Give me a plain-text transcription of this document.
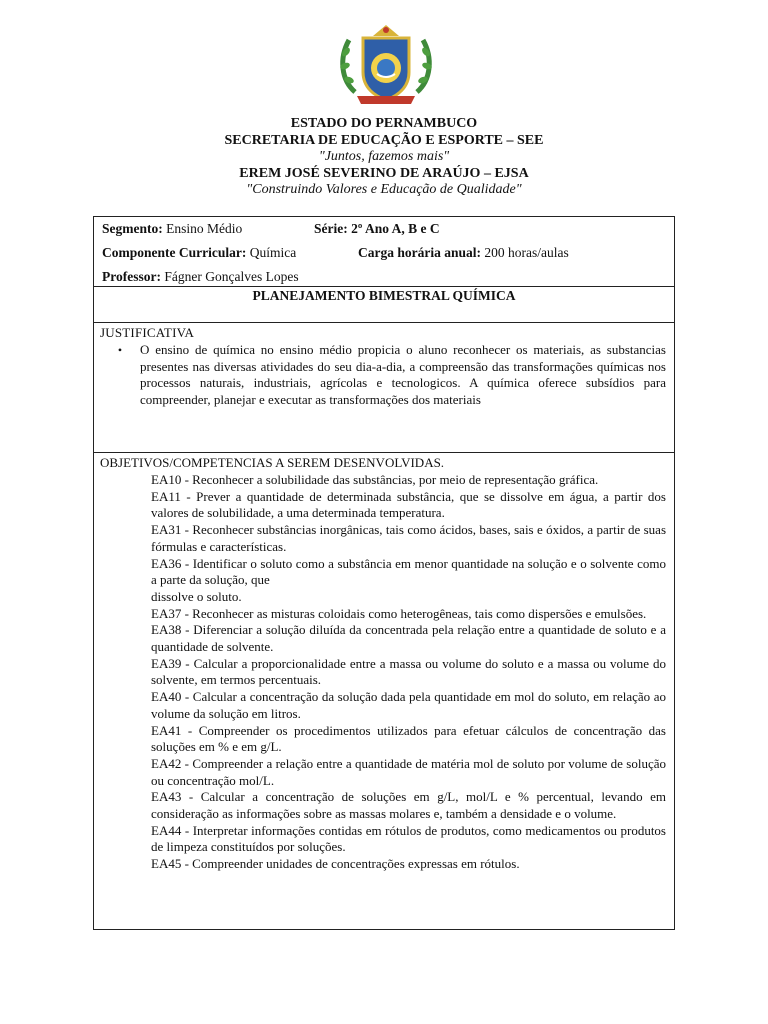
ESTADO DO PERNAMBUCO
SECRETARIA DE EDUCAÇÃO E ESPORTE – SEE
"Juntos, fazemos mais"
EREM JOSÉ SEVERINO DE ARAÚJO – EJSA
"Construindo Valores e Educação de Qualidade"
Segmento: Ensino Médio	Série: 2º Ano A, B e C
Componente Curricular: Química	Carga horária anual: 200 horas/aulas
Professor: Fágner Gonçalves Lopes
PLANEJAMENTO BIMESTRAL QUÍMICA
JUSTIFICATIVA
•	O ensino de química no ensino médio propicia o aluno reconhecer os materiais, as substancias presentes nas diversas atividades do seu dia-a-dia, a compreensão das transformações químicas nos processos naturais, industriais, agrícolas e tecnologicos. A química oferece subsídios para compreender, planejar e executar as transformações dos materiais
OBJETIVOS/COMPETENCIAS A SEREM DESENVOLVIDAS.
EA10 - Reconhecer a solubilidade das substâncias, por meio de representação gráfica.
EA11 - Prever a quantidade de determinada substância, que se dissolve em água, a partir dos valores de solubilidade, a uma determinada temperatura.
EA31 - Reconhecer substâncias inorgânicas, tais como ácidos, bases, sais e óxidos, a partir de suas fórmulas e características.
EA36 - Identificar o soluto como a substância em menor quantidade na solução e o solvente como a parte da solução, que
dissolve o soluto.
EA37 - Reconhecer as misturas coloidais como heterogêneas, tais como dispersões e emulsões.
EA38 - Diferenciar a solução diluída da concentrada pela relação entre a quantidade de soluto e a quantidade de solvente.
EA39 - Calcular a proporcionalidade entre a massa ou volume do soluto e a massa ou volume do solvente, em termos percentuais.
EA40 - Calcular a concentração da solução dada pela quantidade em mol do soluto, em relação ao volume da solução em litros.
EA41 - Compreender os procedimentos utilizados para efetuar cálculos de concentração das soluções em % e em g/L.
EA42 - Compreender a relação entre a quantidade de matéria mol de soluto por volume de solução ou concentração mol/L.
EA43 - Calcular a concentração de soluções em g/L, mol/L e % percentual, levando em consideração as informações sobre as massas molares e, também a densidade e o volume.
EA44 - Interpretar informações contidas em rótulos de produtos, como medicamentos ou produtos de limpeza constituídos por soluções.
EA45 - Compreender unidades de concentrações expressas em rótulos.
